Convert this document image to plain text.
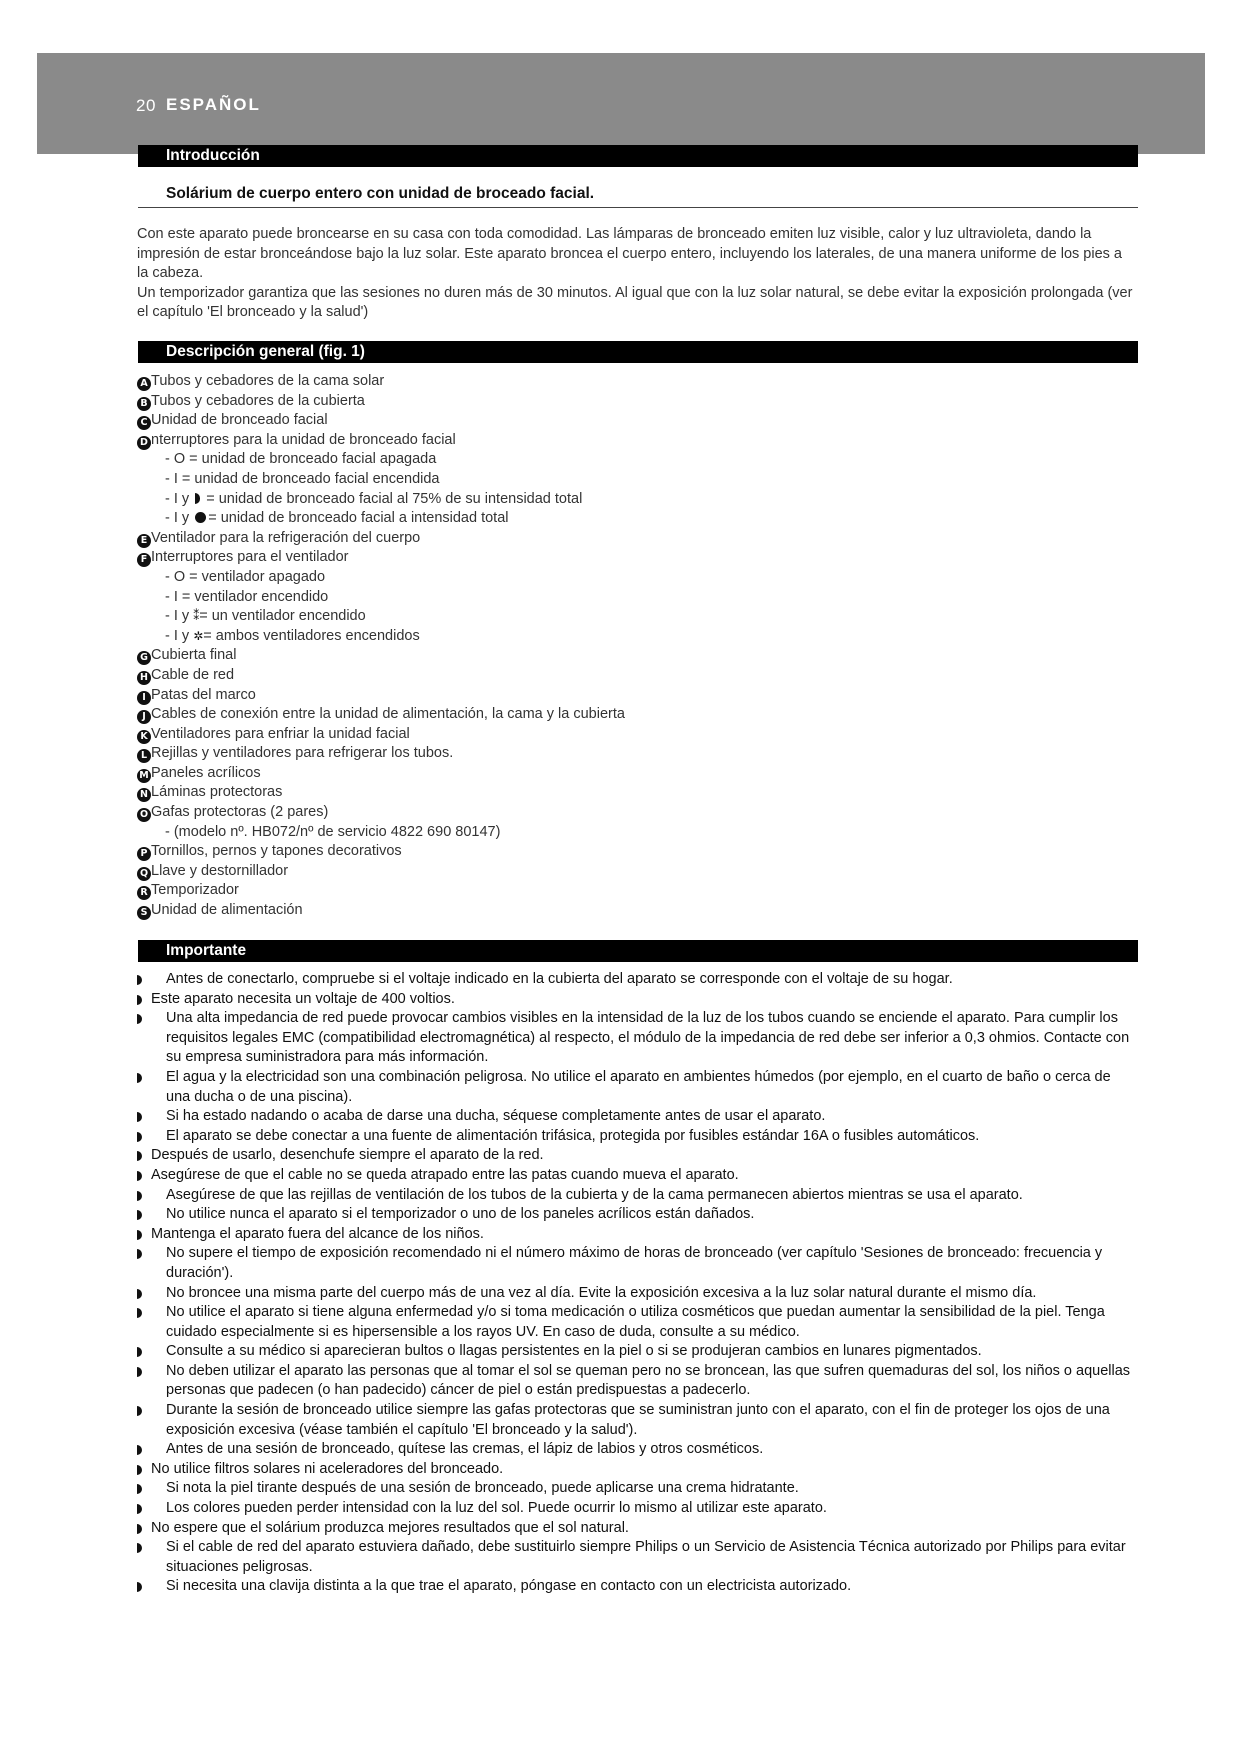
20 ESPAÑOL
Introducción
Solárium de cuerpo entero con unidad de broceado facial.

Con este aparato puede broncearse en su casa con toda comodidad. Las lámparas de bronceado emiten luz visible, calor y luz ultravioleta, dando la impresión de estar bronceándose bajo la luz solar. Este aparato broncea el cuerpo entero, incluyendo los laterales, de una manera uniforme de los pies a la cabeza.

Un temporizador garantiza que las sesiones no duren más de 30 minutos. Al igual que con la luz solar natural, se debe evitar la exposición prolongada (ver el capítulo 'El bronceado y la salud')

Descripción general (fig. 1)
A Tubos y cebadores de la cama solar
B Tubos y cebadores de la cubierta
C Unidad de bronceado facial
D nterruptores para la unidad de bronceado facial
- O = unidad de bronceado facial apagada
- I = unidad de bronceado facial encendida
- I y  = unidad de bronceado facial al 75% de su intensidad total
- I y = unidad de bronceado facial a intensidad total
E Ventilador para la refrigeración del cuerpo
F Interruptores para el ventilador
- O = ventilador apagado
- I = ventilador encendido
- I y ⁑= un ventilador encendido
- I y ✲= ambos ventiladores encendidos
G Cubierta final
H Cable de red
I Patas del marco
J Cables de conexión entre la unidad de alimentación, la cama y la cubierta
K Ventiladores para enfriar la unidad facial
L Rejillas y ventiladores para refrigerar los tubos.
M Paneles acrílicos
N Láminas protectoras
O Gafas protectoras (2 pares)
- (modelo nº. HB072/nº de servicio 4822 690 80147)
P Tornillos, pernos y tapones decorativos
Q Llave y destornillador
R Temporizador
S Unidad de alimentación
Importante
Antes de conectarlo, compruebe si el voltaje indicado en la cubierta del aparato se corresponde con el voltaje de su hogar.
Este aparato necesita un voltaje de 400 voltios.
Una alta impedancia de red puede provocar cambios visibles en la intensidad de la luz de los tubos cuando se enciende el aparato. Para cumplir los requisitos legales EMC (compatibilidad electromagnética) al respecto, el módulo de la impedancia de red debe ser inferior a 0,3 ohmios. Contacte con su empresa suministradora para más información.
El agua y la electricidad son una combinación peligrosa. No utilice el aparato en ambientes húmedos (por ejemplo, en el cuarto de baño o cerca de una ducha o de una piscina).
Si ha estado nadando o acaba de darse una ducha, séquese completamente antes de usar el aparato.
El aparato se debe conectar a una fuente de alimentación trifásica, protegida por fusibles estándar 16A o fusibles automáticos.
Después de usarlo, desenchufe siempre el aparato de la red.
Asegúrese de que el cable no se queda atrapado entre las patas cuando mueva el aparato.
Asegúrese de que las rejillas de ventilación de los tubos de la cubierta y de la cama permanecen abiertos mientras se usa el aparato.
No utilice nunca el aparato si el temporizador o uno de los paneles acrílicos están dañados.
Mantenga el aparato fuera del alcance de los niños.
No supere el tiempo de exposición recomendado ni el número máximo de horas de bronceado (ver capítulo 'Sesiones de bronceado: frecuencia y duración').
No broncee una misma parte del cuerpo más de una vez al día. Evite la exposición excesiva a la luz solar natural durante el mismo día.
No utilice el aparato si tiene alguna enfermedad y/o si toma medicación o utiliza cosméticos que puedan aumentar la sensibilidad de la piel. Tenga cuidado especialmente si es hipersensible a los rayos UV. En caso de duda, consulte a su médico.
Consulte a su médico si aparecieran bultos o llagas persistentes en la piel o si se produjeran cambios en lunares pigmentados.
No deben utilizar el aparato las personas que al tomar el sol se queman pero no se broncean, las que sufren quemaduras del sol, los niños o aquellas personas que padecen (o han padecido) cáncer de piel o están predispuestas a padecerlo.
Durante la sesión de bronceado utilice siempre las gafas protectoras que se suministran junto con el aparato, con el fin de proteger los ojos de una exposición excesiva (véase también el capítulo 'El bronceado y la salud').
Antes de una sesión de bronceado, quítese las cremas, el lápiz de labios y otros cosméticos.
No utilice filtros solares ni aceleradores del bronceado.
Si nota la piel tirante después de una sesión de bronceado, puede aplicarse una crema hidratante.
Los colores pueden perder intensidad con la luz del sol. Puede ocurrir lo mismo al utilizar este aparato.
No espere que el solárium produzca mejores resultados que el sol natural.
Si el cable de red del aparato estuviera dañado, debe sustituirlo siempre Philips o un Servicio de Asistencia Técnica autorizado por Philips para evitar situaciones peligrosas.
Si necesita una clavija distinta a la que trae el aparato, póngase en contacto con un electricista autorizado.
